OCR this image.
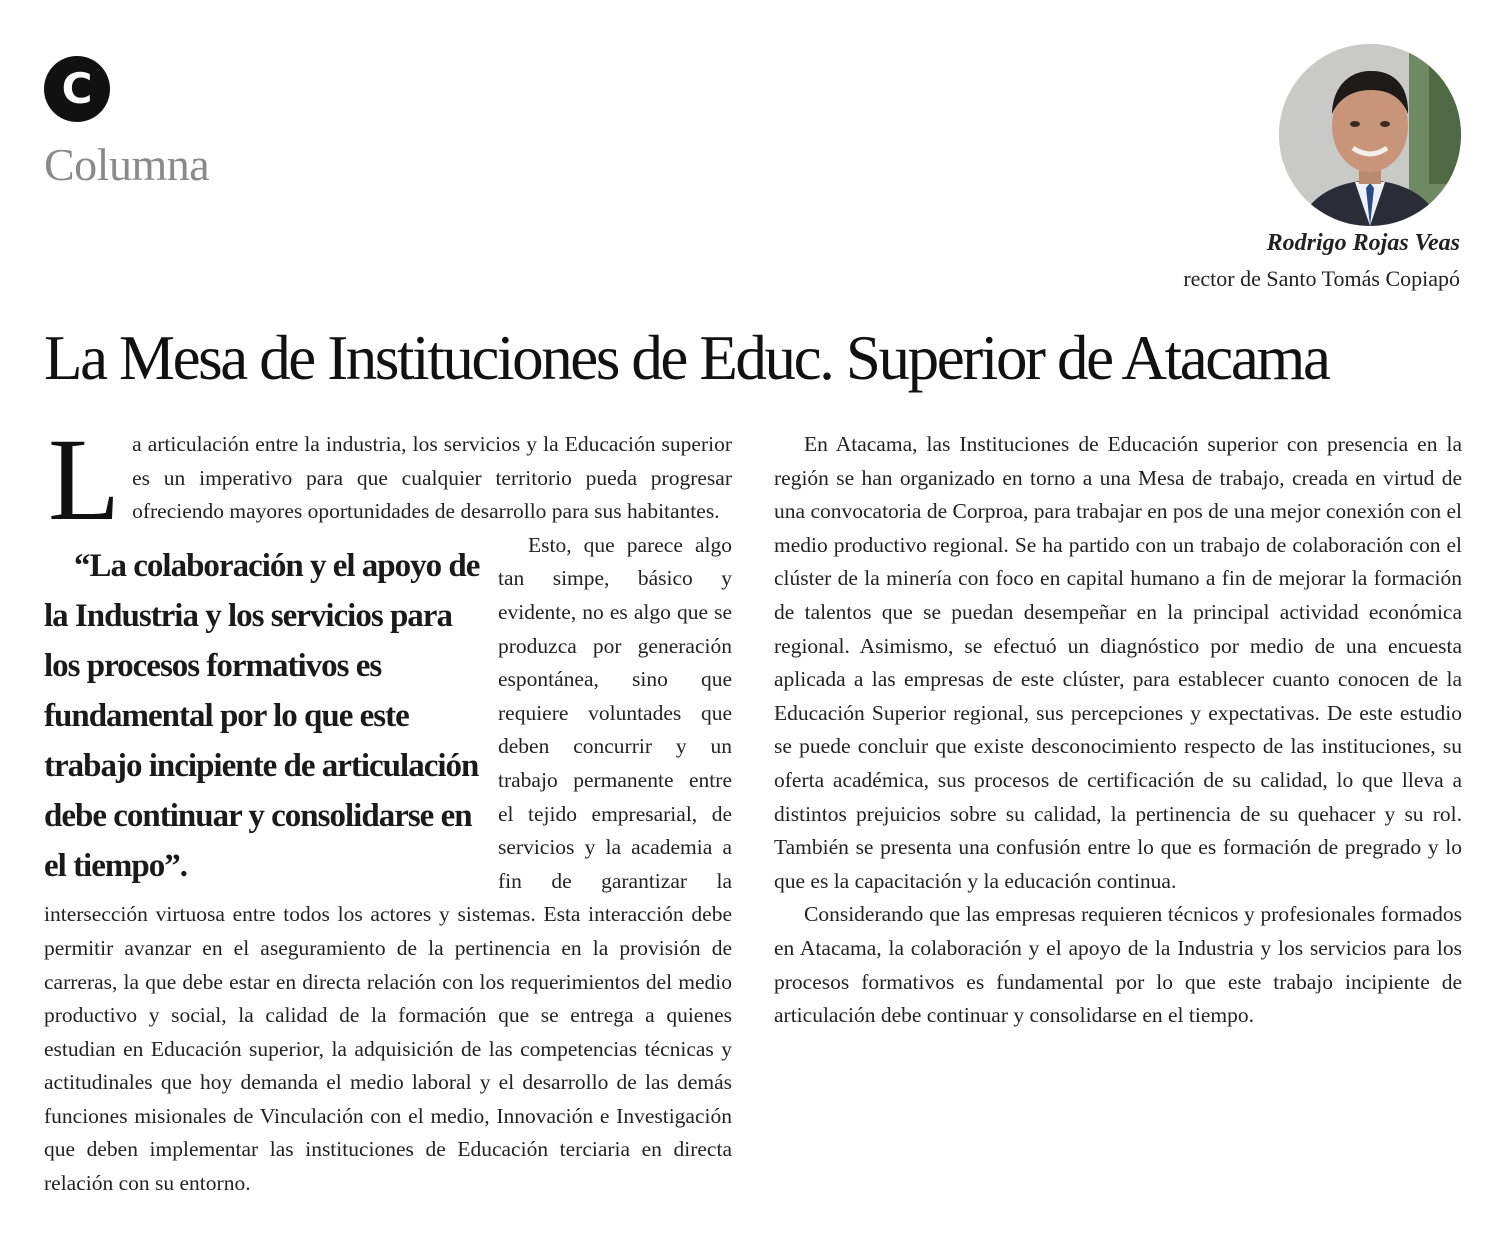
C
Columna
Rodrigo Rojas Veas
rector de Santo Tomás Copiapó
La Mesa de Instituciones de Educ. Superior de Atacama

La articulación entre la industria, los servicios y la Educación superior es un imperativo para que cualquier territorio pueda progresar ofreciendo mayores oportunidades de desarrollo para sus habitantes.

“La colaboración y el apoyo de la Industria y los servicios para los procesos formativos es fundamental por lo que este trabajo incipiente de articulación debe continuar y consolidarse en el tiempo”.
Esto, que parece algo tan simpe, básico y evidente, no es algo que se produzca por generación espontánea, sino que requiere voluntades que deben concurrir y un trabajo permanente entre el tejido empresarial, de servicios y la academia a fin de garantizar la intersección virtuosa entre todos los actores y sistemas. Esta interacción debe permitir avanzar en el aseguramiento de la pertinencia en la provisión de carreras, la que debe estar en directa relación con los requerimientos del medio productivo y social, la calidad de la formación que se entrega a quienes estudian en Educación superior, la adquisición de las competencias técnicas y actitudinales que hoy demanda el medio laboral y el desarrollo de las demás funciones misionales de Vinculación con el medio, Innovación e Investigación que deben implementar las instituciones de Educación terciaria en directa relación con su entorno.

En Atacama, las Instituciones de Educación superior con presencia en la región se han organizado en torno a una Mesa de trabajo, creada en virtud de una convocatoria de Corproa, para trabajar en pos de una mejor conexión con el medio productivo regional. Se ha partido con un trabajo de colaboración con el clúster de la minería con foco en capital humano a fin de mejorar la formación de talentos que se puedan desempeñar en la principal actividad económica regional. Asimismo, se efectuó un diagnóstico por medio de una encuesta aplicada a las empresas de este clúster, para establecer cuanto conocen de la Educación Superior regional, sus percepciones y expectativas. De este estudio se puede concluir que existe desconocimiento respecto de las instituciones, su oferta académica, sus procesos de certificación de su calidad, lo que lleva a distintos prejuicios sobre su calidad, la pertinencia de su quehacer y su rol. También se presenta una confusión entre lo que es formación de pregrado y lo que es la capacitación y la educación continua.

Considerando que las empresas requieren técnicos y profesionales formados en Atacama, la colaboración y el apoyo de la Industria y los servicios para los procesos formativos es fundamental por lo que este trabajo incipiente de articulación debe continuar y consolidarse en el tiempo.
